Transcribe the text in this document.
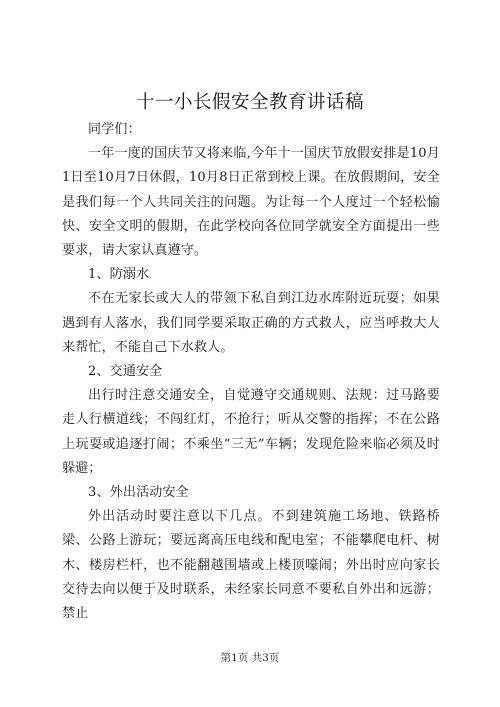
十一小长假安全教育讲话稿

同学们：

一年一度的国庆节又将来临,今年十一国庆节放假安排是10月1日至10月7日休假，10月8日正常到校上课。在放假期间，安全是我们每一个人共同关注的问题。为让每一个人度过一个轻松愉快、安全文明的假期，在此学校向各位同学就安全方面提出一些要求，请大家认真遵守。

1、防溺水

不在无家长或大人的带领下私自到江边水库附近玩耍；如果遇到有人落水，我们同学要采取正确的方式救人，应当呼救大人来帮忙，不能自己下水救人。

2、交通安全

出行时注意交通安全，自觉遵守交通规则、法规：过马路要走人行横道线；不闯红灯，不抢行；听从交警的指挥；不在公路上玩耍或追逐打闹；不乘坐“三无”车辆；发现危险来临必须及时躲避；

3、外出活动安全

外出活动时要注意以下几点。不到建筑施工场地、铁路桥梁、公路上游玩；要远离高压电线和配电室；不能攀爬电杆、树木、楼房栏杆，也不能翻越围墙或上楼顶嚎闹；外出时应向家长交待去向以便于及时联系，未经家长同意不要私自外出和远游；禁止

第1页 共3页
